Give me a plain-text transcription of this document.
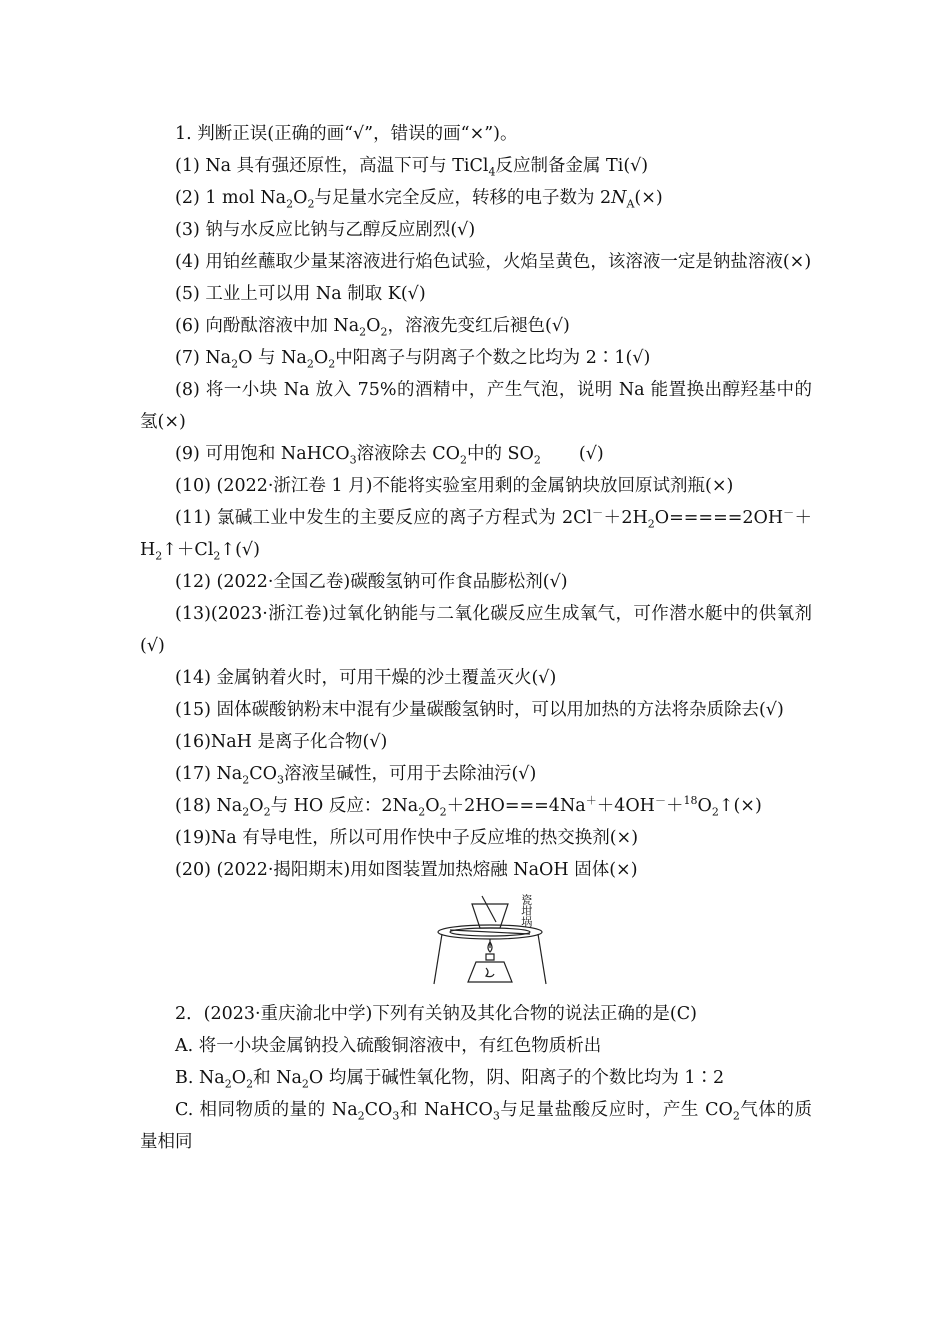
1. 判断正误(正确的画“√”，错误的画“×”)。

(1) Na 具有强还原性，高温下可与 TiCl$_4$反应制备金属 Ti(√)

(2) 1 mol $Na_2O_2$与足量水完全反应，转移的电子数为 $2N_A(\times)$

(3) 钠与水反应比钠与乙醇反应剧烈(√)

(4) 用铂丝蘸取少量某溶液进行焰色试验，火焰呈黄色，该溶液一定是钠盐溶液(×)

(5) 工业上可以用 Na 制取 K(√)

(6) 向酚酞溶液中加 $Na_2O_2$，溶液先变红后褪色(√)

(7) $Na_2O$ 与 $Na_2O_2$中阳离子与阴离子个数之比均为 2∶1(√)

(8) 将一小块 Na 放入 75%的酒精中，产生气泡，说明 Na 能置换出醇羟基中的氢(×)

(9) 可用饱和 NaHCO$_3$溶液除去 $CO_2$中的 $SO_2$ (√)

(10) (2022·浙江卷 1 月)不能将实验室用剩的金属钠块放回原试剂瓶(×)

(11) 氯碱工业中发生的主要反应的离子方程式为 $2Cl^-+2H_2O=====2OH^-+H_2↑+Cl_2↑(√)$

(12) (2022·全国乙卷)碳酸氢钠可作食品膨松剂(√)

(13)(2023·浙江卷)过氧化钠能与二氧化碳反应生成氧气，可作潜水艇中的供氧剂(√)

(14) 金属钠着火时，可用干燥的沙土覆盖灭火(√)

(15) 固体碳酸钠粉末中混有少量碳酸氢钠时，可以用加热的方法将杂质除去(√)

(16)NaH 是离子化合物(√)

(17) $Na_2CO_3$溶液呈碱性，可用于去除油污(√)

(18) $Na_2O_2$与 HO 反应：$2Na_2O_2+2HO===4Na^++4OH^-+^{18}O_2↑(\times)$

(19)Na 有导电性，所以可用作快中子反应堆的热交换剂(×)

(20) (2022·揭阳期末)用如图装置加热熔融 NaOH 固体(×)

瓷坩埚

2．(2023·重庆渝北中学)下列有关钠及其化合物的说法正确的是(C)

A. 将一小块金属钠投入硫酸铜溶液中，有红色物质析出

B. $Na_2O_2$和 $Na_2O$ 均属于碱性氧化物，阴、阳离子的个数比均为 1∶2

C. 相同物质的量的 $Na_2CO_3$和 NaHCO$_3$与足量盐酸反应时，产生 $CO_2$气体的质量相同
